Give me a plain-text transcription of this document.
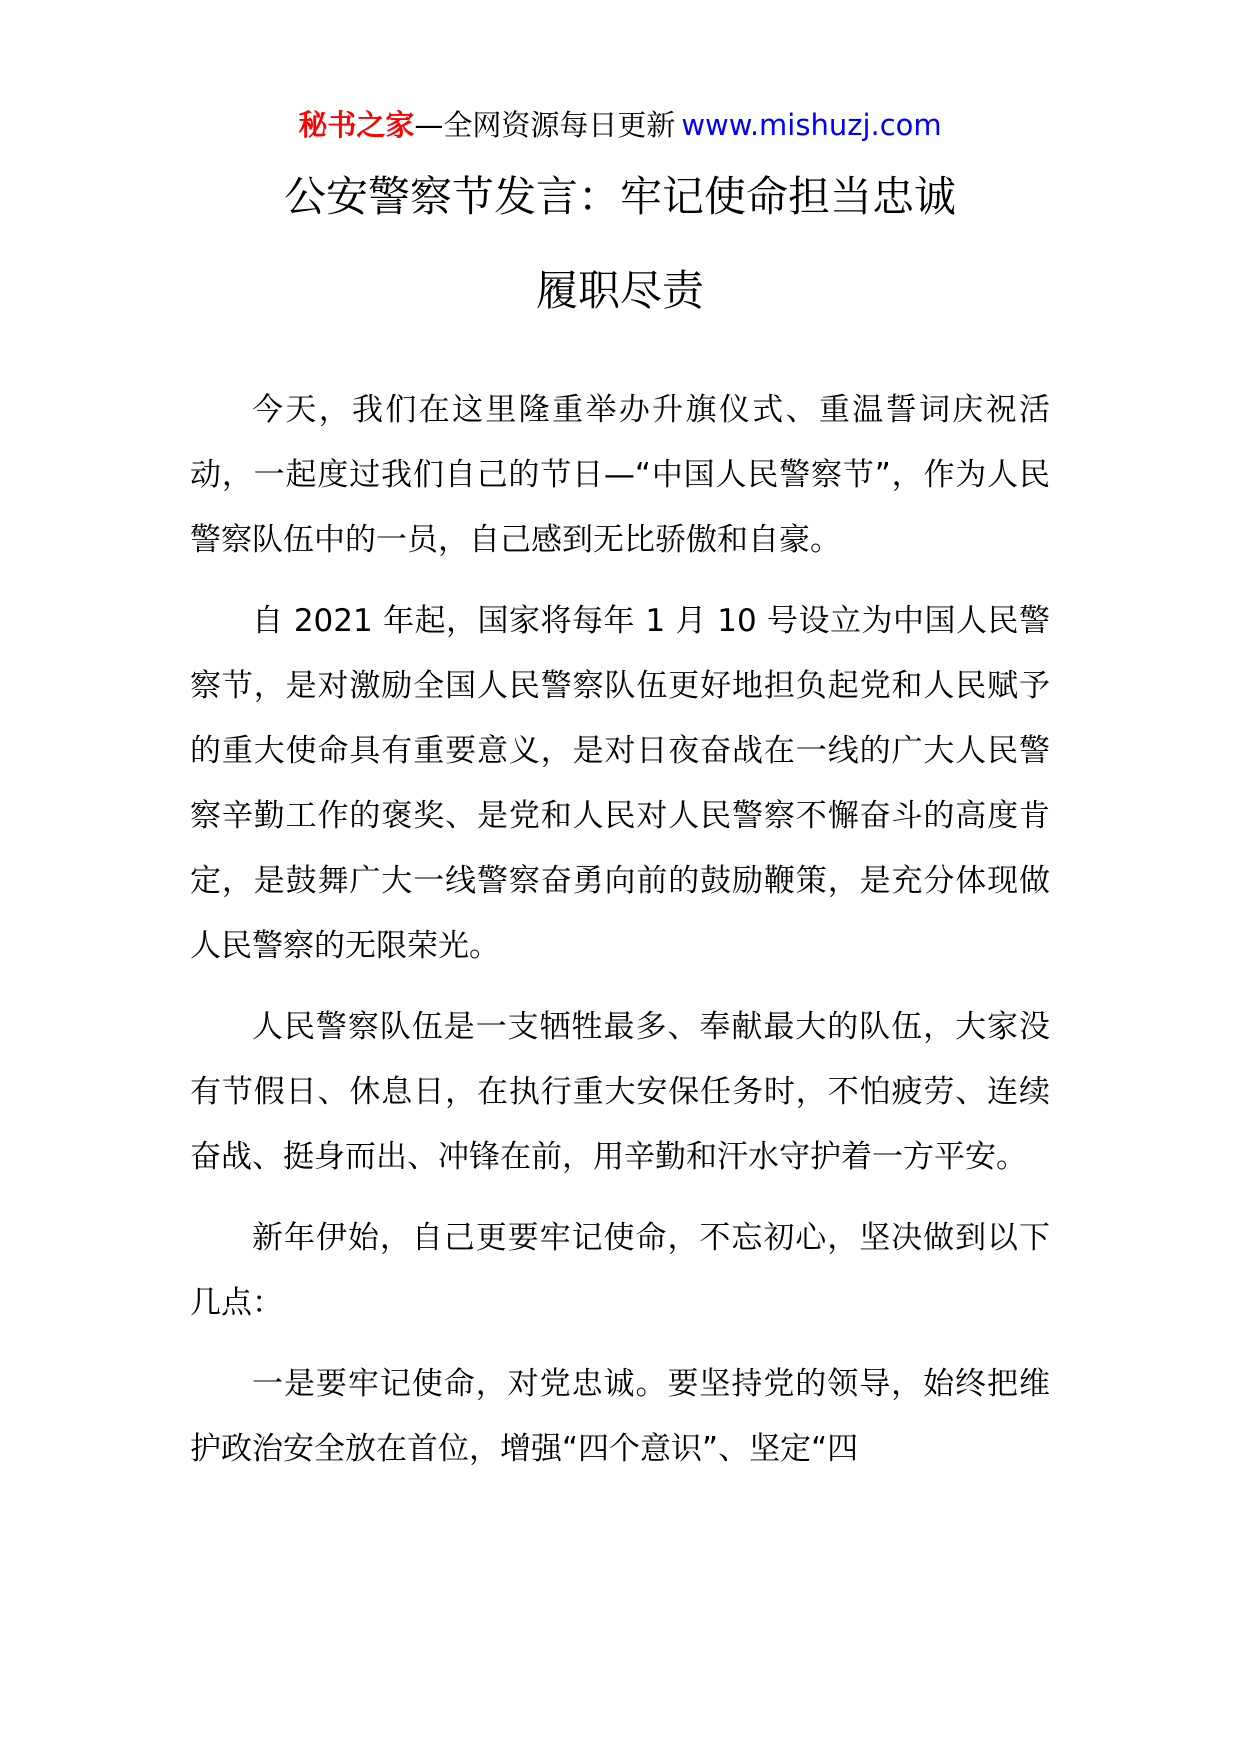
秘书之家—全网资源每日更新 www.mishuzj.com
公安警察节发言：牢记使命担当忠诚
履职尽责

今天，我们在这里隆重举办升旗仪式、重温誓词庆祝活动，一起度过我们自己的节日—“中国人民警察节”，作为人民警察队伍中的一员，自己感到无比骄傲和自豪。

自 2021 年起，国家将每年 1 月 10 号设立为中国人民警察节，是对激励全国人民警察队伍更好地担负起党和人民赋予的重大使命具有重要意义，是对日夜奋战在一线的广大人民警察辛勤工作的褒奖、是党和人民对人民警察不懈奋斗的高度肯定，是鼓舞广大一线警察奋勇向前的鼓励鞭策，是充分体现做人民警察的无限荣光。

人民警察队伍是一支牺牲最多、奉献最大的队伍，大家没有节假日、休息日，在执行重大安保任务时，不怕疲劳、连续奋战、挺身而出、冲锋在前，用辛勤和汗水守护着一方平安。

新年伊始，自己更要牢记使命，不忘初心，坚决做到以下几点：

一是要牢记使命，对党忠诚。要坚持党的领导，始终把维护政治安全放在首位，增强“四个意识”、坚定“四
